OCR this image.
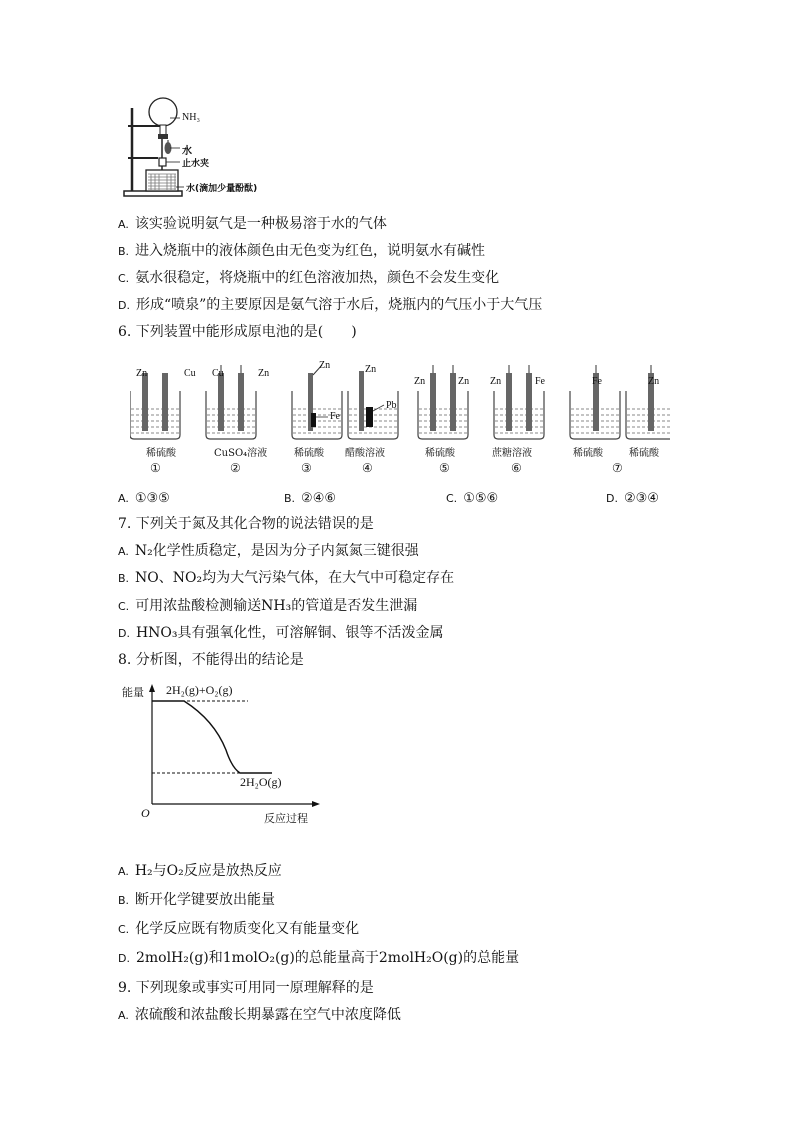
NH₃
水
止水夹
水(滴加少量酚酞)
A. 该实验说明氨气是一种极易溶于水的气体
B. 进入烧瓶中的液体颜色由无色变为红色，说明氨水有碱性
C. 氨水很稳定，将烧瓶中的红色溶液加热，颜色不会发生变化
D. 形成“喷泉”的主要原因是氨气溶于水后，烧瓶内的气压小于大气压
6. 下列装置中能形成原电池的是(　　)
Zn	Cu Cu	Zn
Zn
Fe
Zn
Pb
Zn	Zn Zn	Fe	Fe	Zn
稀硫酸	CuSO₄溶液	稀硫酸 醋酸溶液	稀硫酸	蔗糖溶液	稀硫酸	稀硫酸
①	②	③	④	⑤	⑥	⑦
A. ①③⑤	B. ②④⑥	C. ①⑤⑥	D. ②③④
7. 下列关于氮及其化合物的说法错误的是
A. N₂化学性质稳定，是因为分子内氮氮三键很强
B. NO、NO₂均为大气污染气体，在大气中可稳定存在
C. 可用浓盐酸检测输送NH₃的管道是否发生泄漏
D. HNO₃具有强氧化性，可溶解铜、银等不活泼金属
8. 分析图，不能得出的结论是
能量 2H₂(g)+O₂(g)
2H₂O(g)
O	反应过程
A. H₂与O₂反应是放热反应
B. 断开化学键要放出能量
C. 化学反应既有物质变化又有能量变化
D. 2molH₂(g)和1molO₂(g)的总能量高于2molH₂O(g)的总能量
9. 下列现象或事实可用同一原理解释的是
A. 浓硫酸和浓盐酸长期暴露在空气中浓度降低
